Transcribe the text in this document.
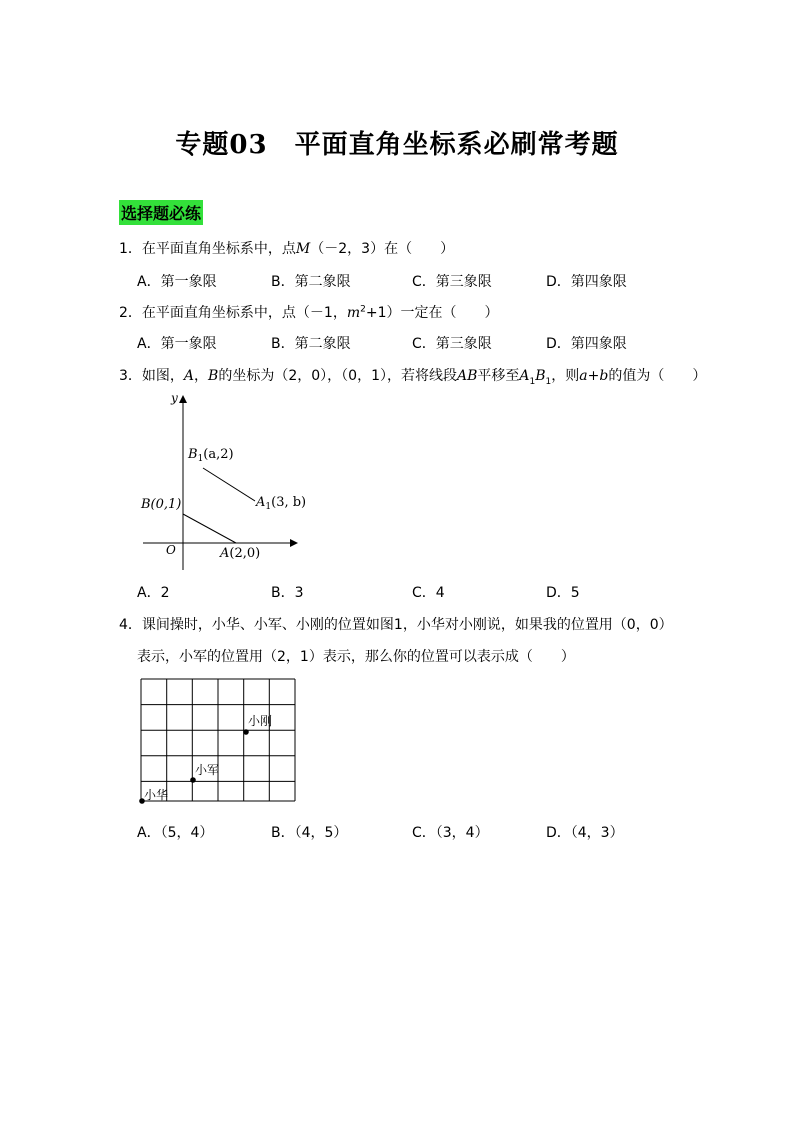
专题03　平面直角坐标系必刷常考题
选择题必练
1．在平面直角坐标系中，点M（－2，3）在（　　）
A．第一象限	B．第二象限	C．第三象限	D．第四象限
2．在平面直角坐标系中，点（－1，$m^2+1$）一定在（　　）
A．第一象限	B．第二象限	C．第三象限	D．第四象限
3．如图，A，B的坐标为（2，0），（0，1），若将线段AB平移至$A_1B_1$，则a+b的值为（　　）
y
O
$B_1(a,2)$
$A_1(3$, b)
B(0,1)
A(2,0)
A．2	B．3	C．4	D．5
4．课间操时，小华、小军、小刚的位置如图1，小华对小刚说，如果我的位置用（0，0）
表示，小军的位置用（2，1）表示，那么你的位置可以表示成（　　）
小刚
小军
小华
A．（5，4）	B．（4，5）	C．（3，4）	D．（4，3）
